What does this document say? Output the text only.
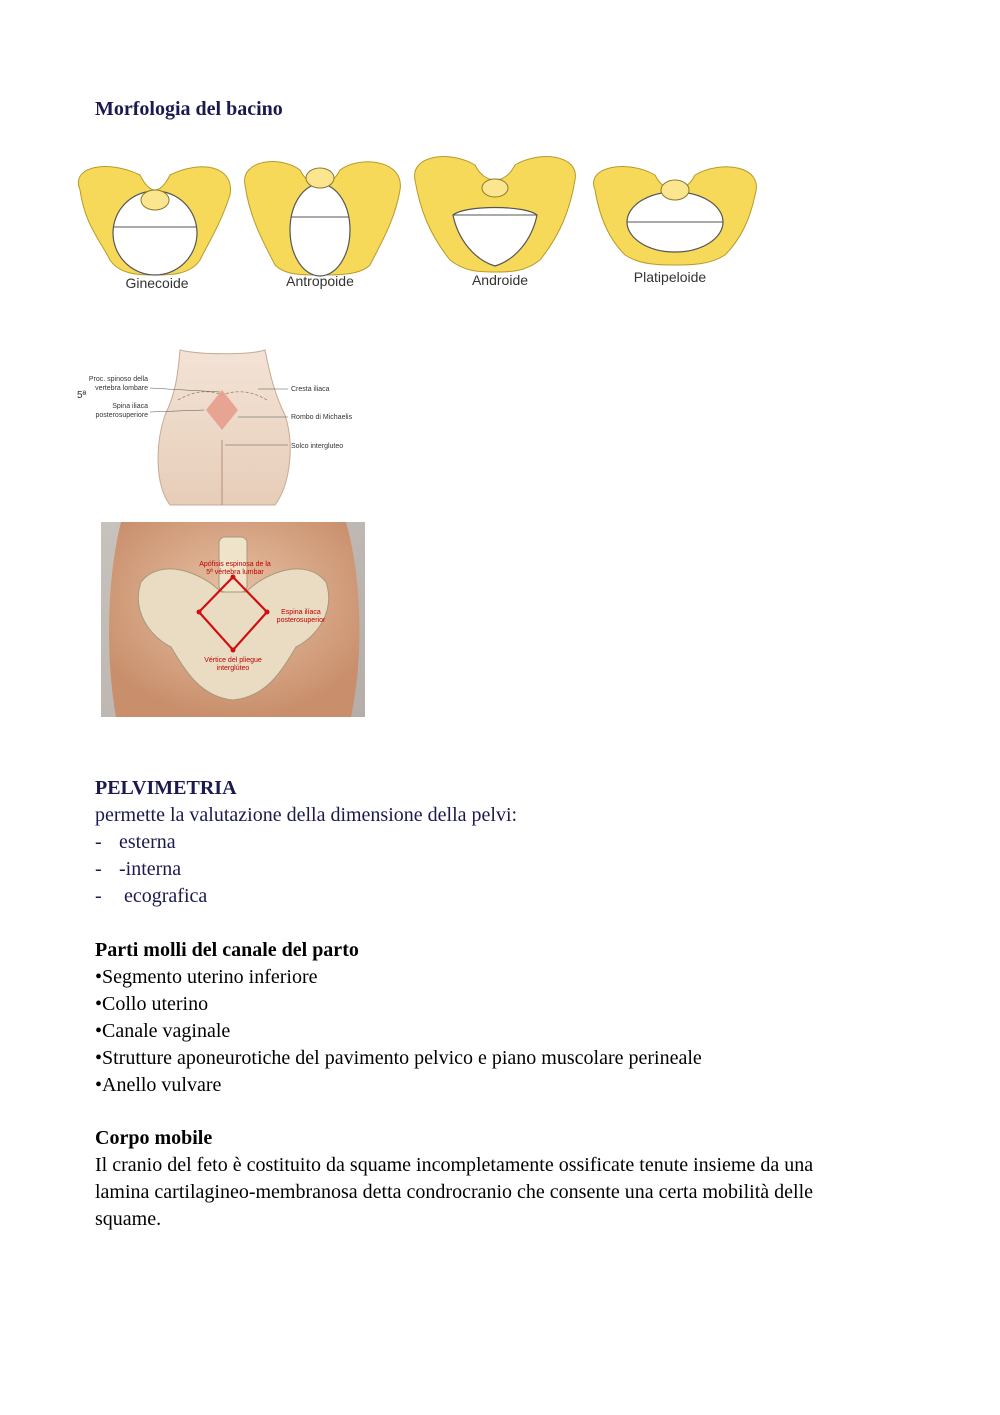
Morfologia del bacino
Ginecoide	Antropoide	Androide	Platipeloide
5ª
Proc. spinoso della
vertebra lombare
Spina iliaca
posterosuperiore
Cresta iliaca
Rombo di Michaelis
Solco intergluteo
Apófisis espinosa de la
5ª vértebra lumbar
Espina ilíaca
posterosuperior
Vértice del pliegue
interglúteo
PELVIMETRIA
permette la valutazione della dimensione della pelvi:
- esterna
- -interna
- ecografica
Parti molli del canale del parto
•Segmento uterino inferiore
•Collo uterino
•Canale vaginale
•Strutture aponeurotiche del pavimento pelvico e piano muscolare perineale
•Anello vulvare
Corpo mobile
Il cranio del feto è costituito da squame incompletamente ossificate tenute insieme da una
lamina cartilagineo-membranosa detta condrocranio che consente una certa mobilità delle
squame.
